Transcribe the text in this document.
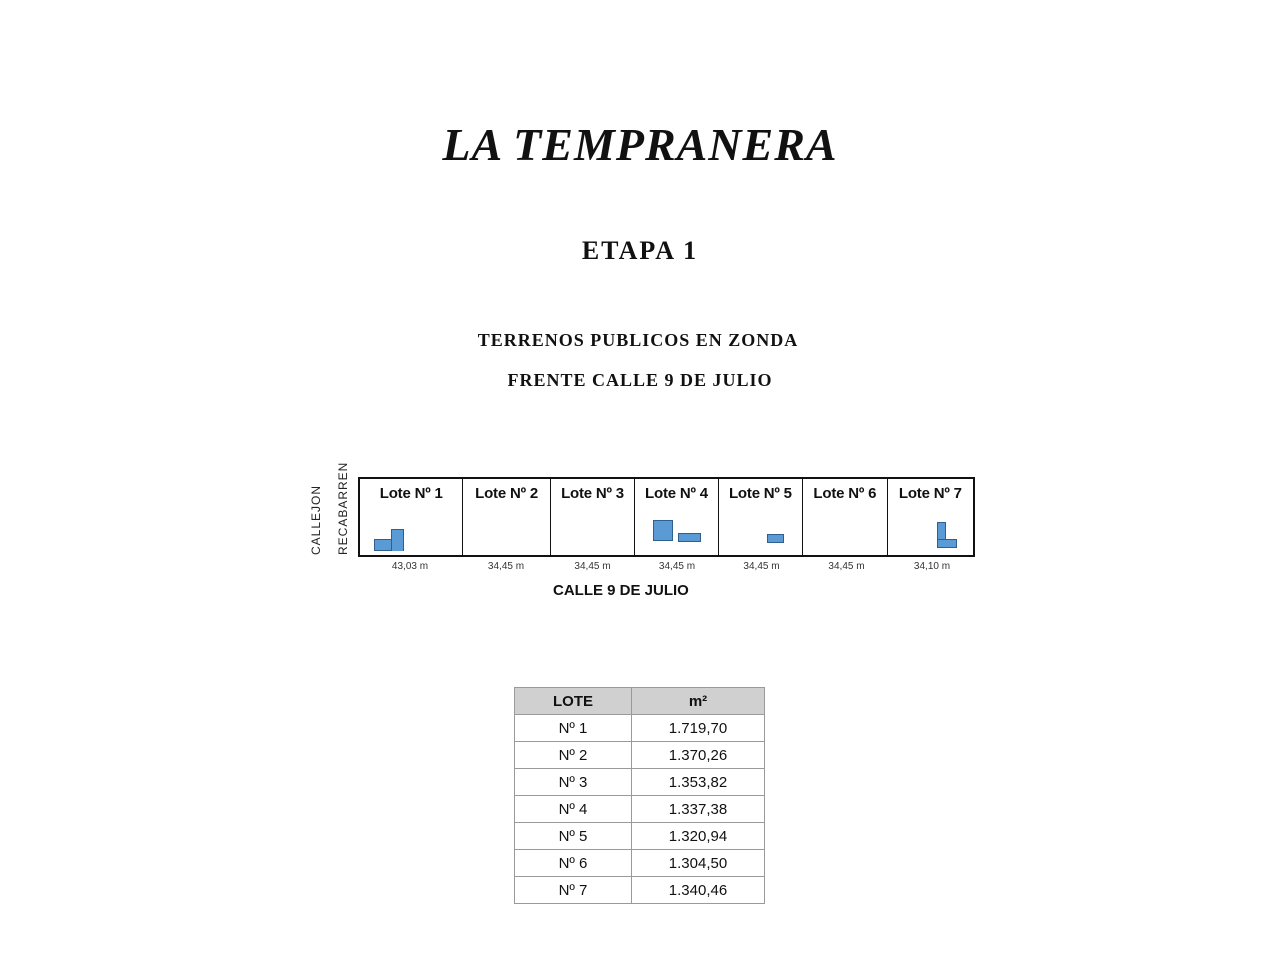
LA TEMPRANERA
ETAPA 1
TERRENOS PUBLICOS EN ZONDA
FRENTE CALLE 9 DE JULIO
CALLEJON RECABARREN	Lote Nº 1	Lote Nº 2	Lote Nº 3	Lote Nº 4	Lote Nº 5	Lote Nº 6	Lote Nº 7
43,03 m	34,45 m	34,45 m	34,45 m	34,45 m	34,45 m	34,10 m
CALLE 9 DE JULIO
LOTE	m²
Nº 1	1.719,70
Nº 2	1.370,26
Nº 3	1.353,82
Nº 4	1.337,38
Nº 5	1.320,94
Nº 6	1.304,50
Nº 7	1.340,46
